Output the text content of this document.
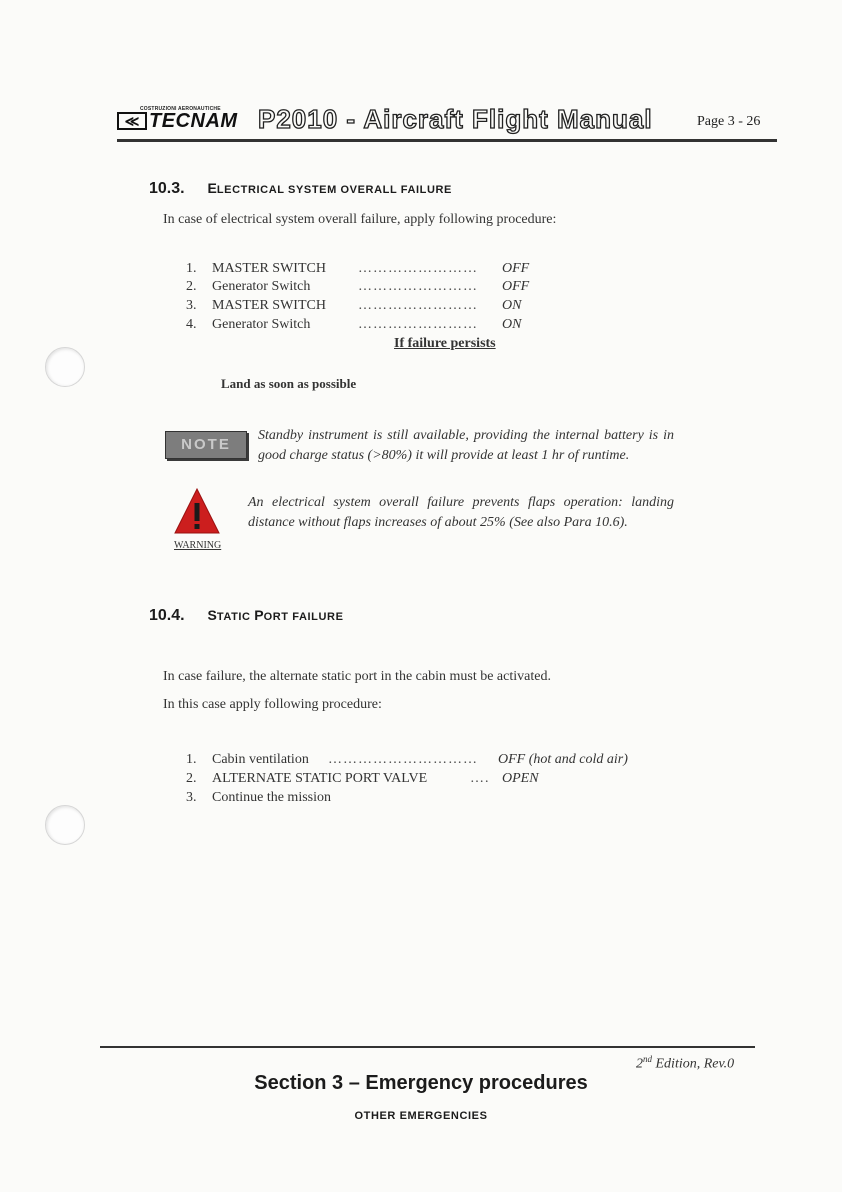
COSTRUZIONI AERONAUTICHE
≪ TECNAM P2010 - Aircraft Flight Manual	Page 3 - 26
10.3. ELECTRICAL SYSTEM OVERALL FAILURE
In case of electrical system overall failure, apply following procedure:
1. MASTER SWITCH …………………… OFF
2. Generator Switch	…………………… OFF
3. MASTER SWITCH …………………… ON
4. Generator Switch	…………………… ON
If failure persists
Land as soon as possible
NOTE
Standby instrument is still available, providing the internal battery is in good charge status (>80%) it will provide at least 1 hr of runtime.
WARNING
An electrical system overall failure prevents flaps operation: landing distance without flaps increases of about 25% (See also Para 10.6).
10.4. STATIC PORT FAILURE
In case failure, the alternate static port in the cabin must be activated.
In this case apply following procedure:
1. Cabin ventilation ………………………… OFF (hot and cold air)
2. ALTERNATE STATIC PORT VALVE	…. OPEN
3. Continue the mission
2nd Edition, Rev.0
Section 3 – Emergency procedures
OTHER EMERGENCIES
